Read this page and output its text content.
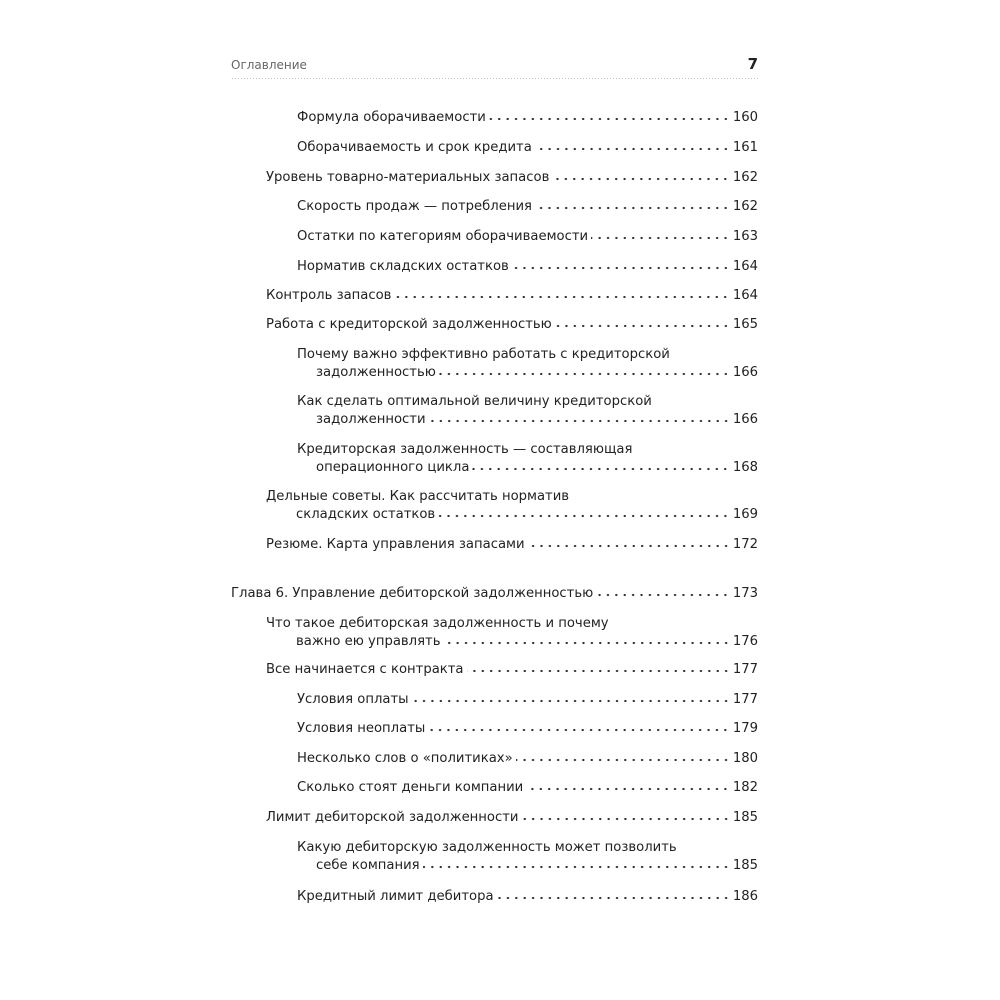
Оглавление	7
Формула оборачиваемости	160
Оборачиваемость и срок кредита	161
Уровень товарно-материальных запасов	162
Скорость продаж — потребления	162
Остатки по категориям оборачиваемости	163
Норматив складских остатков	164
Контроль запасов	164
Работа с кредиторской задолженностью	165
Почему важно эффективно работать с кредиторской
задолженностью	166
Как сделать оптимальной величину кредиторской
задолженности	166
Кредиторская задолженность — составляющая
операционного цикла	168
Дельные советы. Как рассчитать норматив
складских остатков	169
Резюме. Карта управления запасами	172
Глава 6. Управление дебиторской задолженностью	173
Что такое дебиторская задолженность и почему
важно ею управлять	176
Все начинается с контракта	177
Условия оплаты	177
Условия неоплаты	179
Несколько слов о «политиках»	180
Сколько стоят деньги компании	182
Лимит дебиторской задолженности	185
Какую дебиторскую задолженность может позволить
себе компания	185
Кредитный лимит дебитора	186
